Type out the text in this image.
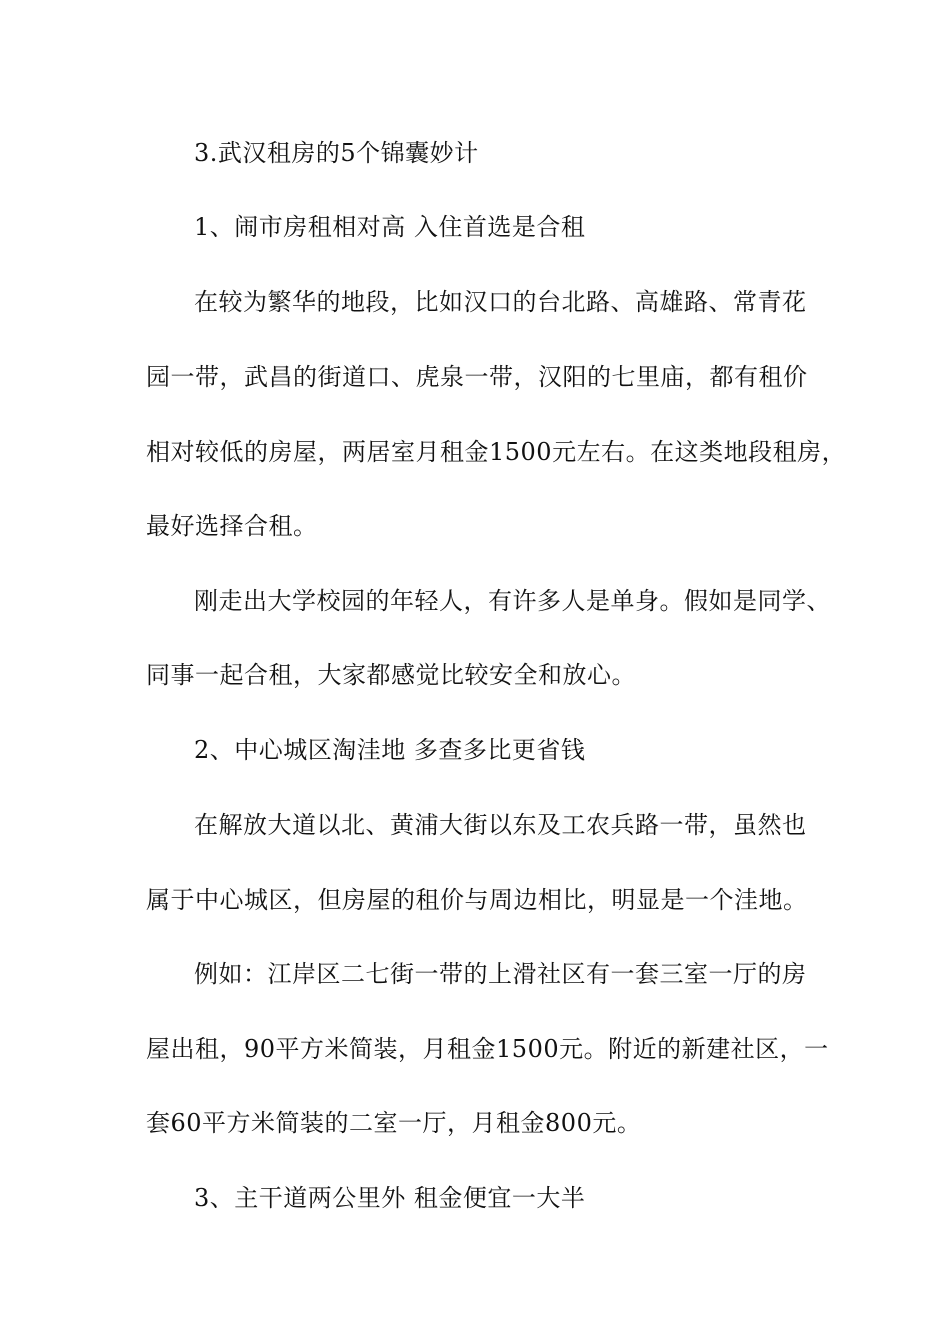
3.武汉租房的5个锦囊妙计
1、闹市房租相对高 入住首选是合租
在较为繁华的地段，比如汉口的台北路、高雄路、常青花
园一带，武昌的街道口、虎泉一带，汉阳的七里庙，都有租价
相对较低的房屋，两居室月租金1500元左右。在这类地段租房，
最好选择合租。
刚走出大学校园的年轻人，有许多人是单身。假如是同学、
同事一起合租，大家都感觉比较安全和放心。
2、中心城区淘洼地 多查多比更省钱
在解放大道以北、黄浦大街以东及工农兵路一带，虽然也
属于中心城区，但房屋的租价与周边相比，明显是一个洼地。
例如：江岸区二七街一带的上滑社区有一套三室一厅的房
屋出租，90平方米简装，月租金1500元。附近的新建社区，一
套60平方米简装的二室一厅，月租金800元。
3、主干道两公里外 租金便宜一大半
